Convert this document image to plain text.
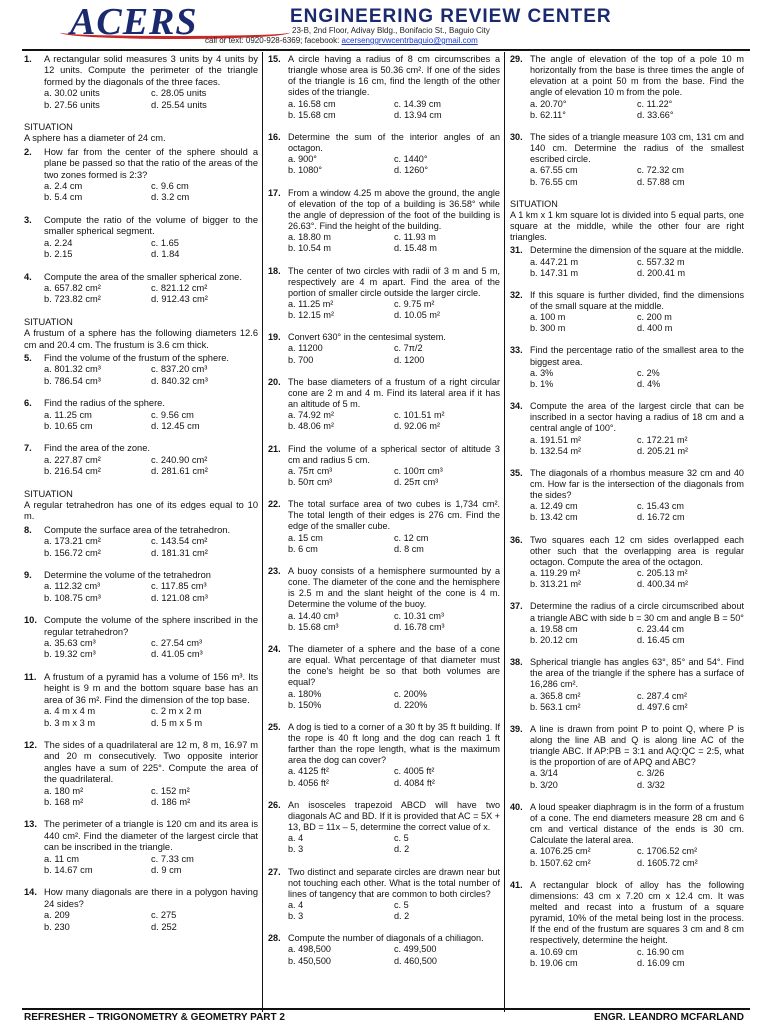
ACERS	ENGINEERING REVIEW CENTER
23-B, 2nd Floor, Adivay Bldg., Bonifacio St., Baguio City
call or text: 0920-928-6369; facebook: acersenggrvwcentrbaguio@gmail.com
1.	A rectangular solid measures 3 units by 4 units by 12 units. Compute the perimeter of the triangle formed by the diagonals of the three faces.
a. 30.02 units	c. 28.05 units
b. 27.56 units	d. 25.54 units
SITUATION
A sphere has a diameter of 24 cm.
2.	How far from the center of the sphere should a plane be passed so that the ratio of the areas of the two zones formed is 2:3?
a. 2.4 cm	c. 9.6 cm
b. 5.4 cm	d. 3.2 cm
3.	Compute the ratio of the volume of bigger to the smaller spherical segment.
a. 2.24	c. 1.65
b. 2.15	d. 1.84
4.	Compute the area of the smaller spherical zone.
a. 657.82 cm²	c. 821.12 cm²
b. 723.82 cm²	d. 912.43 cm²
SITUATION
A frustum of a sphere has the following diameters 12.6 cm and 20.4 cm. The frustum is 3.6 cm thick.
5.	Find the volume of the frustum of the sphere.
a. 801.32 cm³	c. 837.20 cm³
b. 786.54 cm³	d. 840.32 cm³
6.	Find the radius of the sphere.
a. 11.25 cm	c. 9.56 cm
b. 10.65 cm	d. 12.45 cm
7.	Find the area of the zone.
a. 227.87 cm²	c. 240.90 cm²
b. 216.54 cm²	d. 281.61 cm²
SITUATION
A regular tetrahedron has one of its edges equal to 10 m.
8.	Compute the surface area of the tetrahedron.
a. 173.21 cm²	c. 143.54 cm²
b. 156.72 cm²	d. 181.31 cm²
9.	Determine the volume of the tetrahedron
a. 112.32 cm³	c. 117.85 cm³
b. 108.75 cm³	d. 121.08 cm³
10. Compute the volume of the sphere inscribed in the regular tetrahedron?
a. 35.63 cm³	c. 27.54 cm³
b. 19.32 cm³	d. 41.05 cm³
11. A frustum of a pyramid has a volume of 156 m³. Its height is 9 m and the bottom square base has an area of 36 m². Find the dimension of the top base.
a. 4 m x 4 m	c. 2 m x 2 m
b. 3 m x 3 m	d. 5 m x 5 m
12. The sides of a quadrilateral are 12 m, 8 m, 16.97 m and 20 m consecutively. Two opposite interior angles have a sum of 225°. Compute the area of the quadrilateral.
a. 180 m²	c. 152 m²
b. 168 m²	d. 186 m²
13. The perimeter of a triangle is 120 cm and its area is 440 cm². Find the diameter of the largest circle that can be inscribed in the triangle.
a. 11 cm	c. 7.33 cm
b. 14.67 cm	d. 9 cm
14. How many diagonals are there in a polygon having 24 sides?
a. 209	c. 275
b. 230	d. 252
15. A circle having a radius of 8 cm circumscribes a triangle whose area is 50.36 cm². If one of the sides of the triangle is 16 cm, find the length of the other sides of the triangle.
a. 16.58 cm	c. 14.39 cm
b. 15.68 cm	d. 13.94 cm
16. Determine the sum of the interior angles of an octagon.
a. 900°	c. 1440°
b. 1080°	d. 1260°
17. From a window 4.25 m above the ground, the angle of elevation of the top of a building is 36.58° while the angle of depression of the foot of the building is 26.63°. Find the height of the building.
a. 18.80 m	c. 11.93 m
b. 10.54 m	d. 15.48 m
18. The center of two circles with radii of 3 m and 5 m, respectively are 4 m apart. Find the area of the portion of smaller circle outside the larger circle.
a. 11.25 m²	c. 9.75 m²
b. 12.15 m²	d. 10.05 m²
19. Convert 630° in the centesimal system.
a. 11200	c. 7π/2
b. 700	d. 1200
20. The base diameters of a frustum of a right circular cone are 2 m and 4 m. Find its lateral area if it has an altitude of 5 m.
a. 74.92 m²	c. 101.51 m²
b. 48.06 m²	d. 92.06 m²
21. Find the volume of a spherical sector of altitude 3 cm and radius 5 cm.
a. 75π cm³	c. 100π cm³
b. 50π cm³	d. 25π cm³
22. The total surface area of two cubes is 1,734 cm². The total length of their edges is 276 cm. Find the edge of the smaller cube.
a. 15 cm	c. 12 cm
b. 6 cm	d. 8 cm
23. A buoy consists of a hemisphere surmounted by a cone. The diameter of the cone and the hemisphere is 2.5 m and the slant height of the cone is 4 m. Determine the volume of the buoy.
a. 14.40 cm³	c. 10.31 cm³
b. 15.68 cm³	d. 16.78 cm³
24. The diameter of a sphere and the base of a cone are equal. What percentage of that diameter must the cone's height be so that both volumes are equal?
a. 180%	c. 200%
b. 150%	d. 220%
25. A dog is tied to a corner of a 30 ft by 35 ft building. If the rope is 40 ft long and the dog can reach 1 ft farther than the rope length, what is the maximum area the dog can cover?
a. 4125 ft²	c. 4005 ft²
b. 4056 ft²	d. 4084 ft²
26. An isosceles trapezoid ABCD will have two diagonals AC and BD. If it is provided that AC = 5X + 13, BD = 11x – 5, determine the correct value of x.
a. 4	c. 5
b. 3	d. 2
27. Two distinct and separate circles are drawn near but not touching each other. What is the total number of lines of tangency that are common to both circles?
a. 4	c. 5
b. 3	d. 2
28. Compute the number of diagonals of a chiliagon.
a. 498,500	c. 499,500
b. 450,500	d. 460,500
29. The angle of elevation of the top of a pole 10 m horizontally from the base is three times the angle of elevation at a point 50 m from the base. Find the angle of elevation 10 m from the pole.
a. 20.70°	c. 11.22°
b. 62.11°	d. 33.66°
30. The sides of a triangle measure 103 cm, 131 cm and 140 cm. Determine the radius of the smallest escribed circle.
a. 67.55 cm	c. 72.32 cm
b. 76.55 cm	d. 57.88 cm
SITUATION
A 1 km x 1 km square lot is divided into 5 equal parts, one square at the middle, while the other four are right triangles.
31. Determine the dimension of the square at the middle.
a. 447.21 m	c. 557.32 m
b. 147.31 m	d. 200.41 m
32. If this square is further divided, find the dimensions of the small square at the middle.
a. 100 m	c. 200 m
b. 300 m	d. 400 m
33. Find the percentage ratio of the smallest area to the biggest area.
a. 3%	c. 2%
b. 1%	d. 4%
34. Compute the area of the largest circle that can be inscribed in a sector having a radius of 18 cm and a central angle of 100°.
a. 191.51 m²	c. 172.21 m²
b. 132.54 m²	d. 205.21 m²
35. The diagonals of a rhombus measure 32 cm and 40 cm. How far is the intersection of the diagonals from the sides?
a. 12.49 cm	c. 15.43 cm
b. 13.42 cm	d. 16.72 cm
36. Two squares each 12 cm sides overlapped each other such that the overlapping area is regular octagon. Compute the area of the octagon.
a. 119.29 m²	c. 205.13 m²
b. 313.21 m²	d. 400.34 m²
37. Determine the radius of a circle circumscribed about a triangle ABC with side b = 30 cm and angle B = 50°
a. 19.58 cm	c. 23.44 cm
b. 20.12 cm	d. 16.45 cm
38. Spherical triangle has angles 63°, 85° and 54°. Find the area of the triangle if the sphere has a surface of 16,286 cm².
a. 365.8 cm²	c. 287.4 cm²
b. 563.1 cm²	d. 497.6 cm²
39. A line is drawn from point P to point Q, where P is along the line AB and Q is along line AC of the triangle ABC. If AP:PB = 3:1 and AQ:QC = 2:5, what is the proportion of are of APQ and ABC?
a. 3/14	c. 3/26
b. 3/20	d. 3/32
40. A loud speaker diaphragm is in the form of a frustum of a cone. The end diameters measure 28 cm and 6 cm and vertical distance of the ends is 30 cm. Calculate the lateral area.
a. 1076.25 cm²	c. 1706.52 cm²
b. 1507.62 cm²	d. 1605.72 cm²
41. A rectangular block of alloy has the following dimensions: 43 cm x 7.20 cm x 12.4 cm. It was melted and recast into a frustum of a square pyramid, 10% of the metal being lost in the process. If the end of the frustum are squares 3 cm and 8 cm respectively, determine the height.
a. 10.69 cm	c. 16.90 cm
b. 19.06 cm	d. 16.09 cm
REFRESHER – TRIGONOMETRY & GEOMETRY PART 2	ENGR. LEANDRO MCFARLAND
